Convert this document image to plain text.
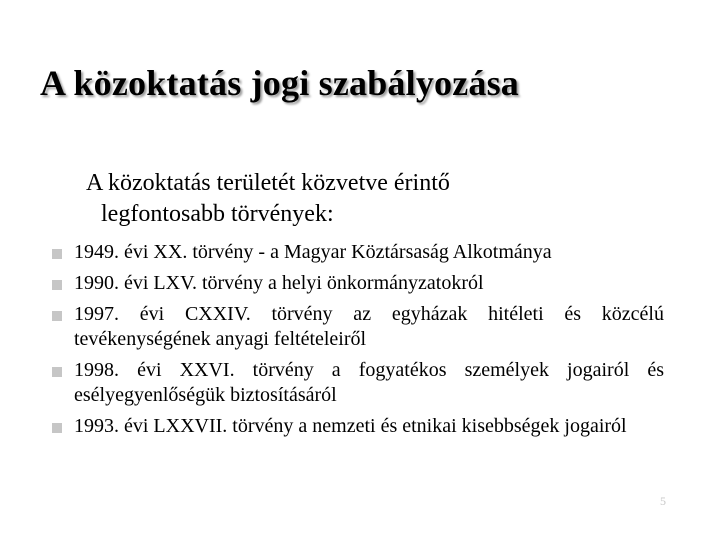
A közoktatás jogi szabályozása
A közoktatás területét közvetve érintő
legfontosabb törvények:
1949. évi XX. törvény - a Magyar Köztársaság Alkotmánya
1990. évi LXV. törvény a helyi önkormányzatokról
1997. évi CXXIV. törvény az egyházak hitéleti és közcélú tevékenységének anyagi feltételeiről
1998. évi XXVI. törvény a fogyatékos személyek jogairól és esélyegyenlőségük biztosításáról
1993. évi LXXVII. törvény a nemzeti és etnikai kisebbségek jogairól
5
